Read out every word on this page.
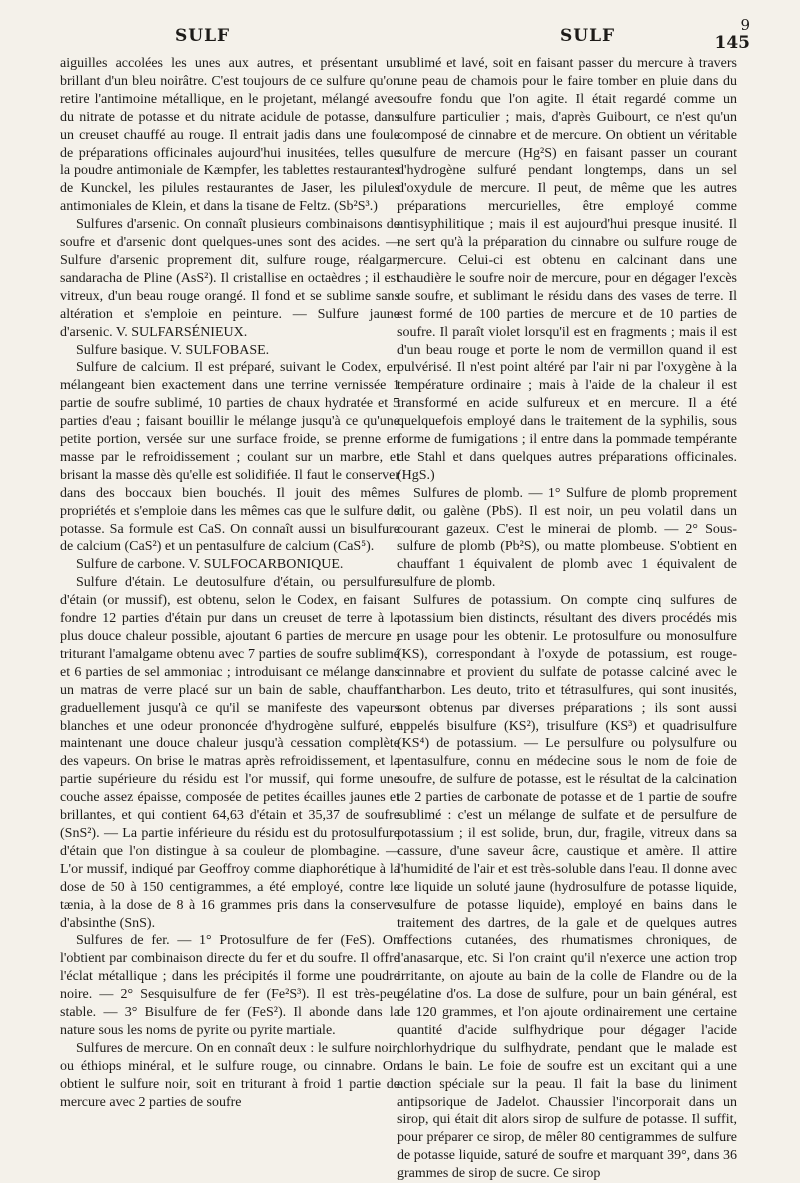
SULF	SULF
9
145

aiguilles accolées les unes aux autres, et présentant un brillant d'un bleu noirâtre. C'est toujours de ce sulfure qu'on retire l'antimoine métallique, en le projetant, mélangé avec du nitrate de potasse et du nitrate acidule de potasse, dans un creuset chauffé au rouge. Il entrait jadis dans une foule de préparations officinales aujourd'hui inusitées, telles que la poudre antimoniale de Kæmpfer, les tablettes restaurantes de Kunckel, les pilules restaurantes de Jaser, les pilules antimoniales de Klein, et dans la tisane de Feltz. (Sb²S³.)

Sulfures d'arsenic. On connaît plusieurs combinaisons de soufre et d'arsenic dont quelques-unes sont des acides. — Sulfure d'arsenic proprement dit, sulfure rouge, réalgar, sandaracha de Pline (AsS²). Il cristallise en octaèdres ; il est vitreux, d'un beau rouge orangé. Il fond et se sublime sans altération et s'emploie en peinture. — Sulfure jaune d'arsenic. V. SULFARSÉNIEUX.

Sulfure basique. V. SULFOBASE.

Sulfure de calcium. Il est préparé, suivant le Codex, en mélangeant bien exactement dans une terrine vernissée 1 partie de soufre sublimé, 10 parties de chaux hydratée et 5 parties d'eau ; faisant bouillir le mélange jusqu'à ce qu'une petite portion, versée sur une surface froide, se prenne en masse par le refroidissement ; coulant sur un marbre, et brisant la masse dès qu'elle est solidifiée. Il faut le conserver dans des boccaux bien bouchés. Il jouit des mêmes propriétés et s'emploie dans les mêmes cas que le sulfure de potasse. Sa formule est CaS. On connaît aussi un bisulfure de calcium (CaS²) et un pentasulfure de calcium (CaS⁵).

Sulfure de carbone. V. SULFOCARBONIQUE.

Sulfure d'étain. Le deutosulfure d'étain, ou persulfure d'étain (or mussif), est obtenu, selon le Codex, en faisant fondre 12 parties d'étain pur dans un creuset de terre à la plus douce chaleur possible, ajoutant 6 parties de mercure ; triturant l'amalgame obtenu avec 7 parties de soufre sublimé et 6 parties de sel ammoniac ; introduisant ce mélange dans un matras de verre placé sur un bain de sable, chauffant graduellement jusqu'à ce qu'il se manifeste des vapeurs blanches et une odeur prononcée d'hydrogène sulfuré, et maintenant une douce chaleur jusqu'à cessation complète des vapeurs. On brise le matras après refroidissement, et la partie supérieure du résidu est l'or mussif, qui forme une couche assez épaisse, composée de petites écailles jaunes et brillantes, et qui contient 64,63 d'étain et 35,37 de soufre (SnS²). — La partie inférieure du résidu est du protosulfure d'étain que l'on distingue à sa couleur de plombagine. — L'or mussif, indiqué par Geoffroy comme diaphorétique à la dose de 50 à 150 centigrammes, a été employé, contre le tænia, à la dose de 8 à 16 grammes pris dans la conserve d'absinthe (SnS).

Sulfures de fer. — 1° Protosulfure de fer (FeS). On l'obtient par combinaison directe du fer et du soufre. Il offre l'éclat métallique ; dans les précipités il forme une poudre noire. — 2° Sesquisulfure de fer (Fe²S³). Il est très-peu stable. — 3° Bisulfure de fer (FeS²). Il abonde dans la nature sous les noms de pyrite ou pyrite martiale.

Sulfures de mercure. On en connaît deux : le sulfure noir, ou éthiops minéral, et le sulfure rouge, ou cinnabre. On obtient le sulfure noir, soit en triturant à froid 1 partie de mercure avec 2 parties de soufre

sublimé et lavé, soit en faisant passer du mercure à travers une peau de chamois pour le faire tomber en pluie dans du soufre fondu que l'on agite. Il était regardé comme un sulfure particulier ; mais, d'après Guibourt, ce n'est qu'un composé de cinnabre et de mercure. On obtient un véritable sulfure de mercure (Hg²S) en faisant passer un courant d'hydrogène sulfuré pendant longtemps, dans un sel d'oxydule de mercure. Il peut, de même que les autres préparations mercurielles, être employé comme antisyphilitique ; mais il est aujourd'hui presque inusité. Il ne sert qu'à la préparation du cinnabre ou sulfure rouge de mercure. Celui-ci est obtenu en calcinant dans une chaudière le soufre noir de mercure, pour en dégager l'excès de soufre, et sublimant le résidu dans des vases de terre. Il est formé de 100 parties de mercure et de 10 parties de soufre. Il paraît violet lorsqu'il est en fragments ; mais il est d'un beau rouge et porte le nom de vermillon quand il est pulvérisé. Il n'est point altéré par l'air ni par l'oxygène à la température ordinaire ; mais à l'aide de la chaleur il est transformé en acide sulfureux et en mercure. Il a été quelquefois employé dans le traitement de la syphilis, sous forme de fumigations ; il entre dans la pommade tempérante de Stahl et dans quelques autres préparations officinales. (HgS.)

Sulfures de plomb. — 1° Sulfure de plomb proprement dit, ou galène (PbS). Il est noir, un peu volatil dans un courant gazeux. C'est le minerai de plomb. — 2° Sous-sulfure de plomb (Pb²S), ou matte plombeuse. S'obtient en chauffant 1 équivalent de plomb avec 1 équivalent de sulfure de plomb.

Sulfures de potassium. On compte cinq sulfures de potassium bien distincts, résultant des divers procédés mis en usage pour les obtenir. Le protosulfure ou monosulfure (KS), correspondant à l'oxyde de potassium, est rouge-cinnabre et provient du sulfate de potasse calciné avec le charbon. Les deuto, trito et tétrasulfures, qui sont inusités, sont obtenus par diverses préparations ; ils sont aussi appelés bisulfure (KS²), trisulfure (KS³) et quadrisulfure (KS⁴) de potassium. — Le persulfure ou polysulfure ou pentasulfure, connu en médecine sous le nom de foie de soufre, de sulfure de potasse, est le résultat de la calcination de 2 parties de carbonate de potasse et de 1 partie de soufre sublimé : c'est un mélange de sulfate et de persulfure de potassium ; il est solide, brun, dur, fragile, vitreux dans sa cassure, d'une saveur âcre, caustique et amère. Il attire l'humidité de l'air et est très-soluble dans l'eau. Il donne avec ce liquide un soluté jaune (hydrosulfure de potasse liquide, sulfure de potasse liquide), employé en bains dans le traitement des dartres, de la gale et de quelques autres affections cutanées, des rhumatismes chroniques, de l'anasarque, etc. Si l'on craint qu'il n'exerce une action trop irritante, on ajoute au bain de la colle de Flandre ou de la gélatine d'os. La dose de sulfure, pour un bain général, est de 120 grammes, et l'on ajoute ordinairement une certaine quantité d'acide sulfhydrique pour dégager l'acide chlorhydrique du sulfhydrate, pendant que le malade est dans le bain. Le foie de soufre est un excitant qui a une action spéciale sur la peau. Il fait la base du liniment antipsorique de Jadelot. Chaussier l'incorporait dans un sirop, qui était dit alors sirop de sulfure de potasse. Il suffit, pour préparer ce sirop, de mêler 80 centigrammes de sulfure de potasse liquide, saturé de soufre et marquant 39°, dans 36 grammes de sirop de sucre. Ce sirop
